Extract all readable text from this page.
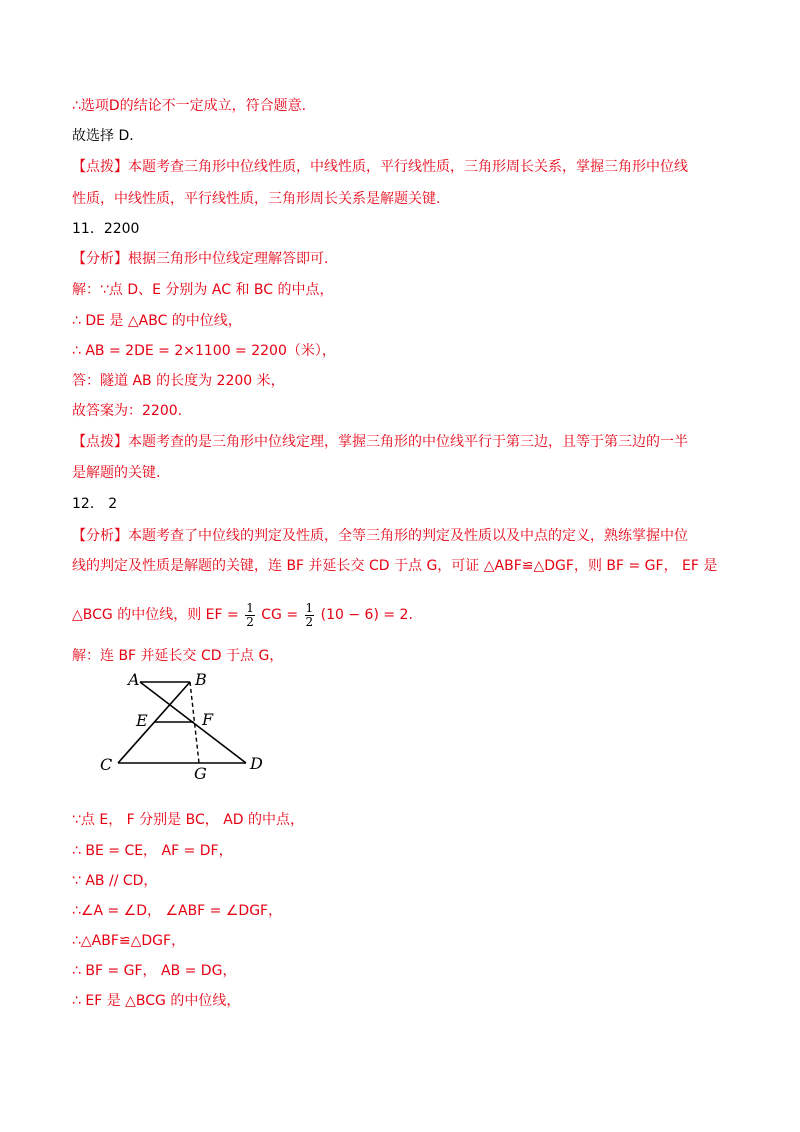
∴选项D的结论不一定成立，符合题意.
故选择 D.
【点拨】本题考查三角形中位线性质，中线性质，平行线性质，三角形周长关系，掌握三角形中位线
性质，中线性质，平行线性质，三角形周长关系是解题关键.
11．2200
【分析】根据三角形中位线定理解答即可.
解：∵点 D、E 分别为 AC 和 BC 的中点，
∴ DE 是 △ABC 的中位线，
∴ AB = 2DE = 2×1100 = 2200（米），
答：隧道 AB 的长度为 2200 米，
故答案为：2200.
【点拨】本题考查的是三角形中位线定理，掌握三角形的中位线平行于第三边，且等于第三边的一半
是解题的关键.
12． 2
【分析】本题考查了中位线的判定及性质，全等三角形的判定及性质以及中点的定义，熟练掌握中位
线的判定及性质是解题的关键，连 BF 并延长交 CD 于点 G，可证 △ABF≌△DGF，则 BF = GF， EF 是
△BCG 的中位线，则 EF = $\frac{1}{2}$ CG = $\frac{1}{2} (10 - 6) = 2$.
解：连 BF 并延长交 CD 于点 G，
A	B
E	F
C	D
G
∵点 E， F 分别是 BC， AD 的中点，
∴ BE = CE， AF = DF，
∵ AB // CD，
∴∠A = ∠D， ∠ABF = ∠DGF，
∴△ABF≌△DGF，
∴ BF = GF， AB = DG，
∴ EF 是 △BCG 的中位线，
